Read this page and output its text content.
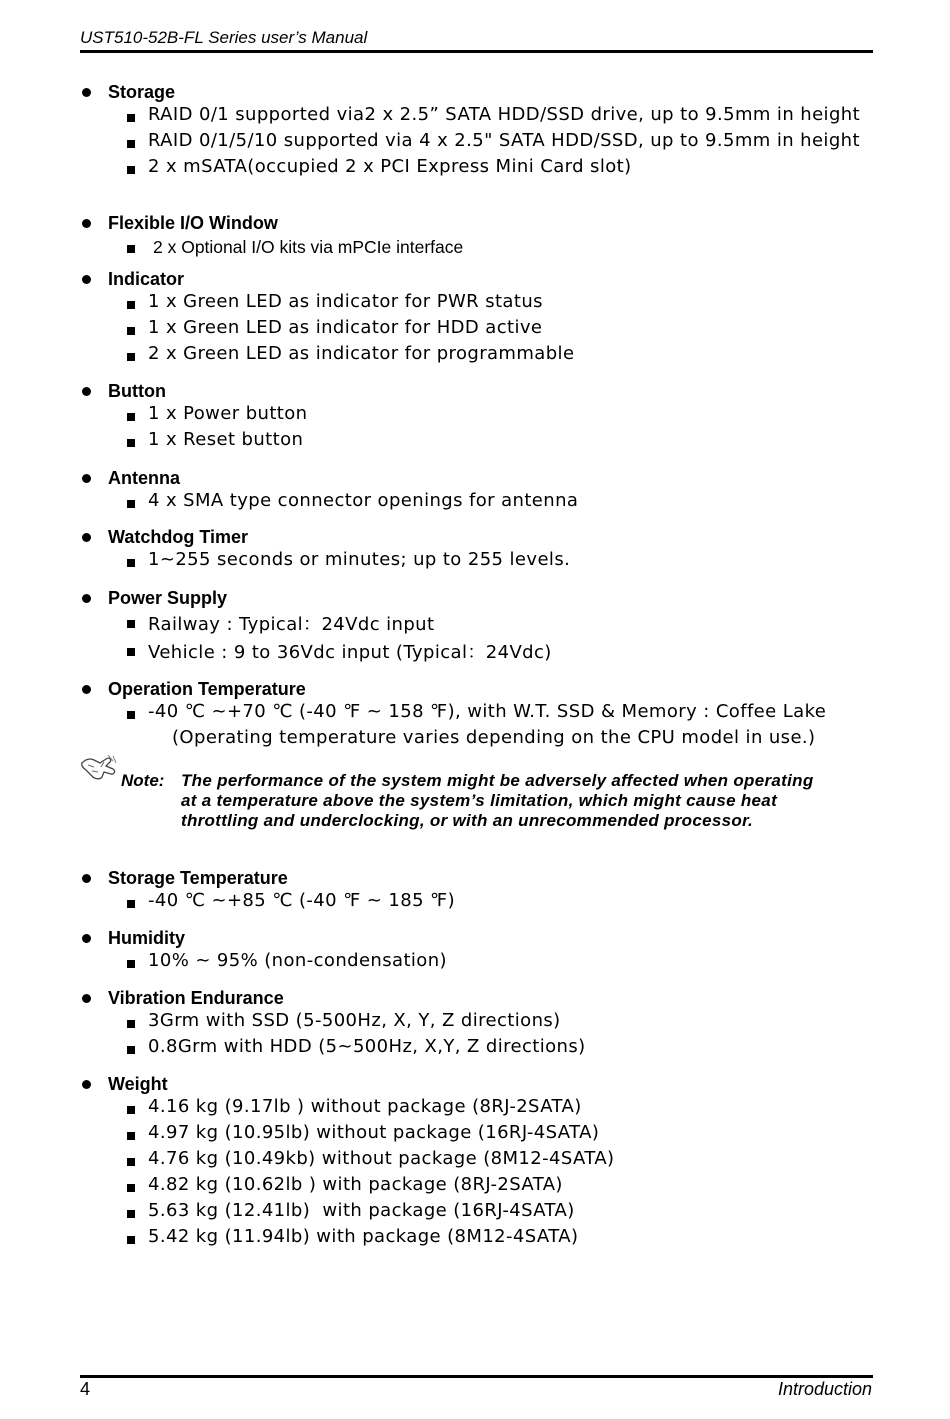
UST510-52B-FL Series user’s Manual
Storage
RAID 0/1 supported via2 x 2.5” SATA HDD/SSD drive, up to 9.5mm in height
RAID 0/1/5/10 supported via 4 x 2.5" SATA HDD/SSD, up to 9.5mm in height
2 x mSATA(occupied 2 x PCI Express Mini Card slot)
Flexible I/O Window
2 x Optional I/O kits via mPCIe interface
Indicator
1 x Green LED as indicator for PWR status
1 x Green LED as indicator for HDD active
2 x Green LED as indicator for programmable
Button
1 x Power button
1 x Reset button
Antenna
4 x SMA type connector openings for antenna
Watchdog Timer
1~255 seconds or minutes; up to 255 levels.
Power Supply
Railway : Typical：24Vdc input
Vehicle : 9 to 36Vdc input (Typical：24Vdc)
Operation Temperature
-40 ℃ ~+70 ℃ (-40 ℉ ~ 158 ℉), with W.T. SSD & Memory : Coffee Lake
(Operating temperature varies depending on the CPU model in use.)
Note: The performance of the system might be adversely affected when operating
at a temperature above the system’s limitation, which might cause heat
throttling and underclocking, or with an unrecommended processor.
Storage Temperature
-40 ℃ ~+85 ℃ (-40 ℉ ~ 185 ℉)
Humidity
10% ~ 95% (non-condensation)
Vibration Endurance
3Grm with SSD (5-500Hz, X, Y, Z directions)
0.8Grm with HDD (5~500Hz, X,Y, Z directions)
Weight
4.16 kg (9.17lb ) without package (8RJ-2SATA)
4.97 kg (10.95lb) without package (16RJ-4SATA)
4.76 kg (10.49kb) without package (8M12-4SATA)
4.82 kg (10.62lb ) with package (8RJ-2SATA)
5.63 kg (12.41lb)  with package (16RJ-4SATA)
5.42 kg (11.94lb) with package (8M12-4SATA)
4	Introduction
